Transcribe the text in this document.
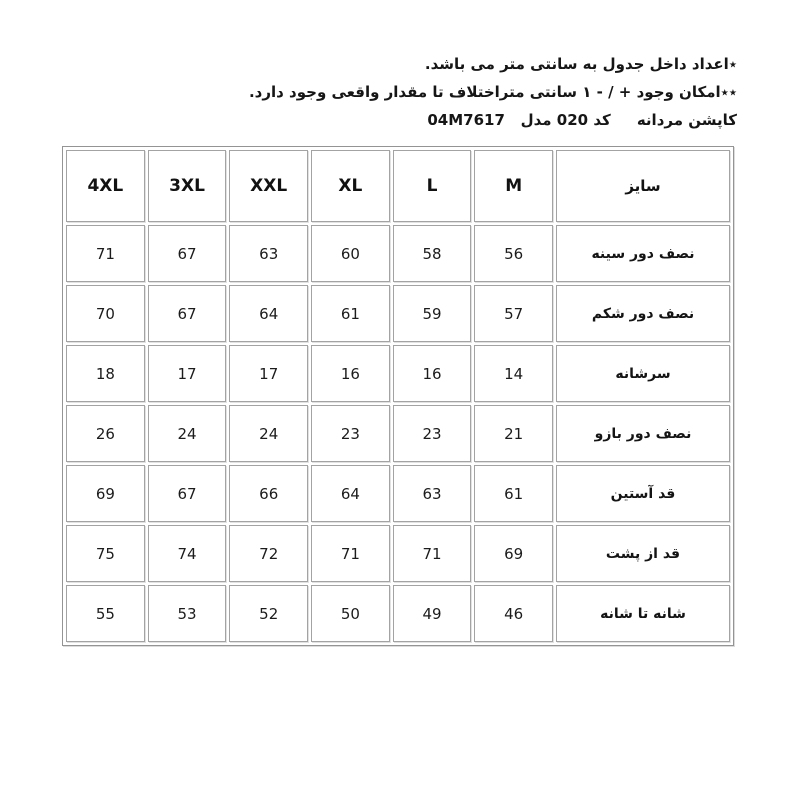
٭اعداد داخل جدول به سانتی متر می باشد.
٭٭امکان وجود + / - ۱ سانتی متراختلاف تا مقدار واقعی وجود دارد.
کاپشن مردانه     کد 020 مدل   04M7617
سایز	M	L	XL	XXL	3XL	4XL
نصف دور سینه	56	58	60	63	67	71
نصف دور شکم	57	59	61	64	67	70
سرشانه	14	16	16	17	17	18
نصف دور بازو	21	23	23	24	24	26
قد آستین	61	63	64	66	67	69
قد از پشت	69	71	71	72	74	75
شانه تا شانه	46	49	50	52	53	55
